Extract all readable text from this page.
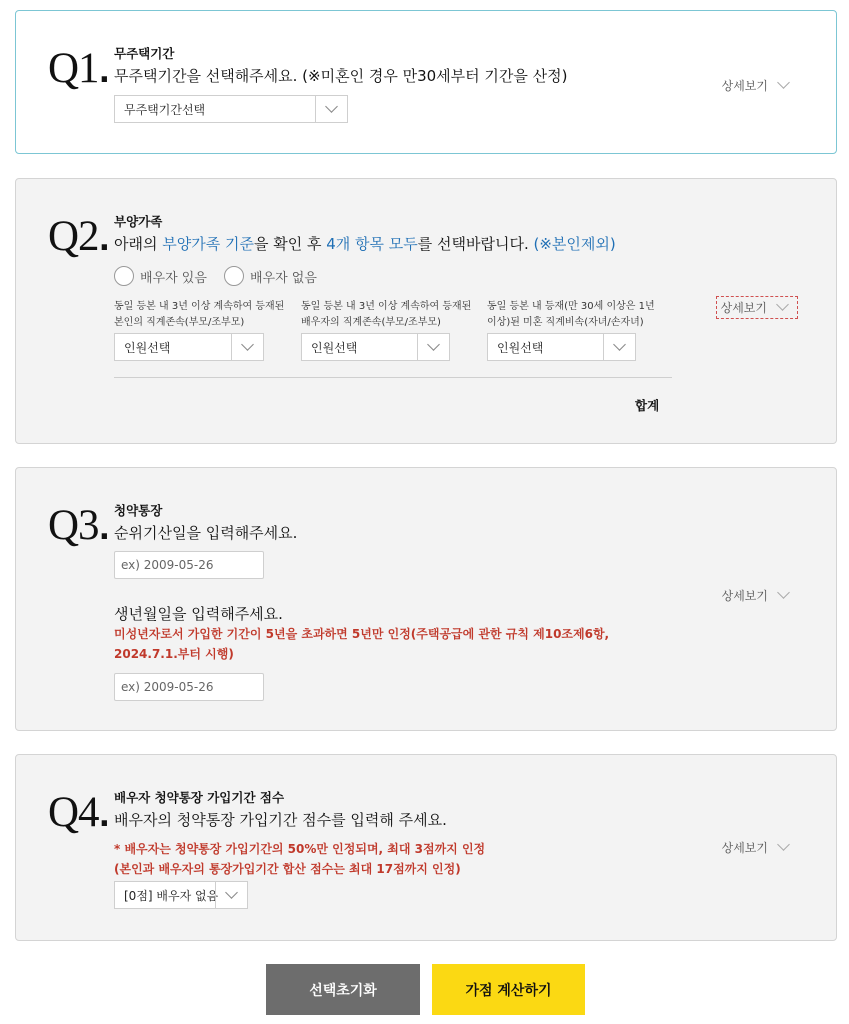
Q1.
무주택기간
무주택기간을 선택해주세요. (※미혼인 경우 만30세부터 기간을 산정)
무주택기간선택
상세보기
Q2.
부양가족
아래의 부양가족 기준을 확인 후 4개 항목 모두를 선택바랍니다. (※본인제외)
배우자 있음	배우자 없음
동일 등본 내 3년 이상 계속하여 등재된 본인의 직계존속(부모/조부모)
인원선택
동일 등본 내 3년 이상 계속하여 등재된 배우자의 직계존속(부모/조부모)
인원선택
동일 등본 내 등재(만 30세 이상은 1년 이상)된 미혼 직계비속(자녀/손자녀)
인원선택
합계
상세보기
Q3.
청약통장
순위기산일을 입력해주세요.
ex) 2009-05-26
생년월일을 입력해주세요.
미성년자로서 가입한 기간이 5년을 초과하면 5년만 인정(주택공급에 관한 규칙 제10조제6항,
2024.7.1.부터 시행)
ex) 2009-05-26
상세보기
Q4.
배우자 청약통장 가입기간 점수
배우자의 청약통장 가입기간 점수를 입력해 주세요.
* 배우자는 청약통장 가입기간의 50%만 인정되며, 최대 3점까지 인정
(본인과 배우자의 통장가입기간 합산 점수는 최대 17점까지 인정)
[0점] 배우자 없음
상세보기
선택초기화	가점 계산하기
